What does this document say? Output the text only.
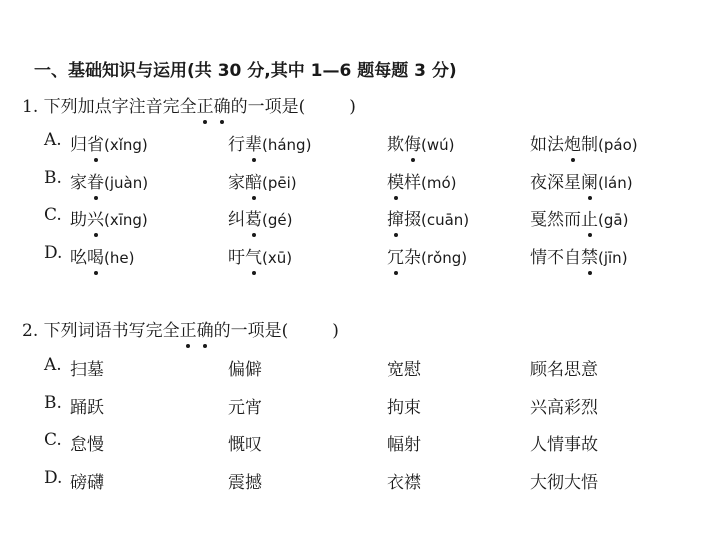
一、基础知识与运用(共 30 分,其中 1—6 题每题 3 分)
1. 下列加点字注音完全正确的一项是(	)
A. 归省(xǐng)	行辈(háng)	欺侮(wú)	如法炮制(páo)
B. 家眷(juàn)	家醅(pēi)	模样(mó)	夜深星阑(lán)
C. 助兴(xīng)	纠葛(gé)	撺掇(cuān)	戛然而止(gā)
D. 吆喝(he)	吁气(xū)	冗杂(rǒng)	情不自禁(jīn)
2. 下列词语书写完全正确的一项是(	)
A. 扫墓	偏僻	宽慰	顾名思意
B. 踊跃	元宵	拘束	兴高彩烈
C. 怠慢	慨叹	幅射	人情事故
D. 磅礴	震撼	衣襟	大彻大悟
